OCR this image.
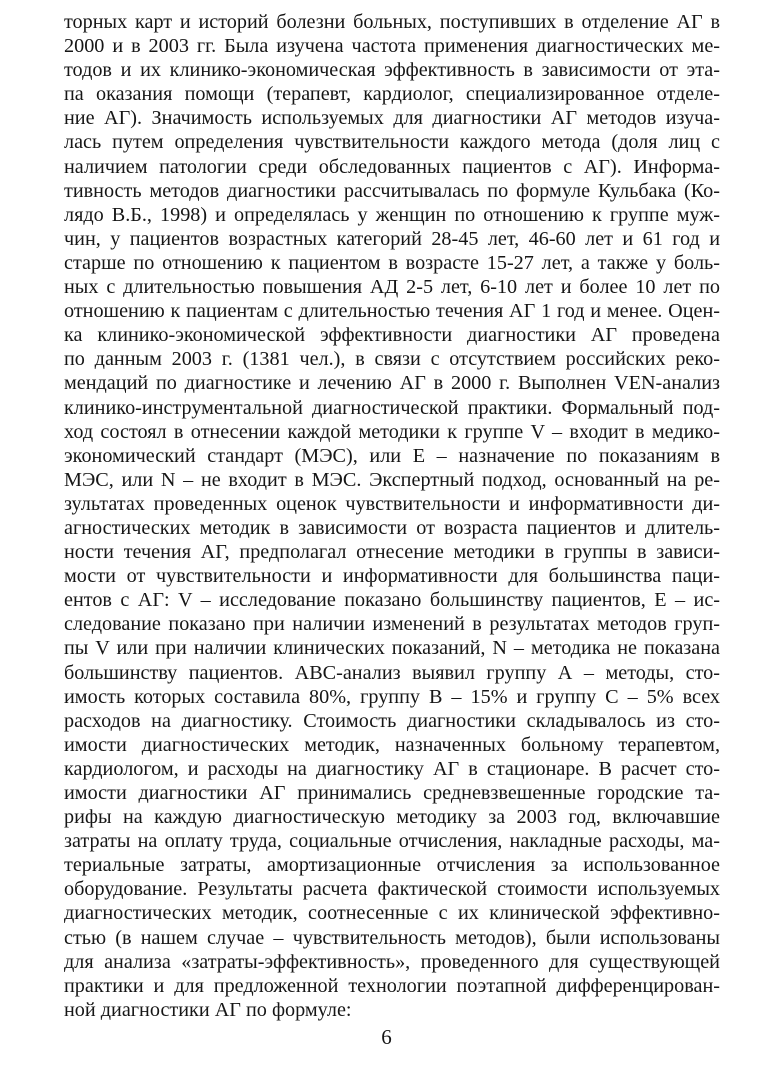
торных карт и историй болезни больных, поступивших в отделение АГ в
2000 и в 2003 гг. Была изучена частота применения диагностических ме-
тодов и их клинико-экономическая эффективность в зависимости от эта-
па оказания помощи (терапевт, кардиолог, специализированное отделе-
ние АГ). Значимость используемых для диагностики АГ методов изуча-
лась путем определения чувствительности каждого метода (доля лиц с
наличием патологии среди обследованных пациентов с АГ). Информа-
тивность методов диагностики рассчитывалась по формуле Кульбака (Ко-
лядо В.Б., 1998) и определялась у женщин по отношению к группе муж-
чин, у пациентов возрастных категорий 28-45 лет, 46-60 лет и 61 год и
старше по отношению к пациентом в возрасте 15-27 лет, а также у боль-
ных с длительностью повышения АД 2-5 лет, 6-10 лет и более 10 лет по
отношению к пациентам с длительностью течения АГ 1 год и менее. Оцен-
ка клинико-экономической эффективности диагностики АГ проведена
по данным 2003 г. (1381 чел.), в связи с отсутствием российских реко-
мендаций по диагностике и лечению АГ в 2000 г. Выполнен VEN-анализ
клинико-инструментальной диагностической практики. Формальный под-
ход состоял в отнесении каждой методики к группе V – входит в медико-
экономический стандарт (МЭС), или Е – назначение по показаниям в
МЭС, или N – не входит в МЭС. Экспертный подход, основанный на ре-
зультатах проведенных оценок чувствительности и информативности ди-
агностических методик в зависимости от возраста пациентов и длитель-
ности течения АГ, предполагал отнесение методики в группы в зависи-
мости от чувствительности и информативности для большинства паци-
ентов с АГ: V – исследование показано большинству пациентов, Е – ис-
следование показано при наличии изменений в результатах методов груп-
пы V или при наличии клинических показаний, N – методика не показана
большинству пациентов. АВС-анализ выявил группу А – методы, сто-
имость которых составила 80%, группу В – 15% и группу С – 5% всех
расходов на диагностику. Стоимость диагностики складывалось из сто-
имости диагностических методик, назначенных больному терапевтом,
кардиологом, и расходы на диагностику АГ в стационаре. В расчет сто-
имости диагностики АГ принимались средневзвешенные городские та-
рифы на каждую диагностическую методику за 2003 год, включавшие
затраты на оплату труда, социальные отчисления, накладные расходы, ма-
териальные затраты, амортизационные отчисления за использованное
оборудование. Результаты расчета фактической стоимости используемых
диагностических методик, соотнесенные с их клинической эффективно-
стью (в нашем случае – чувствительность методов), были использованы
для анализа «затраты-эффективность», проведенного для существующей
практики и для предложенной технологии поэтапной дифференцирован-
ной диагностики АГ по формуле:
6
